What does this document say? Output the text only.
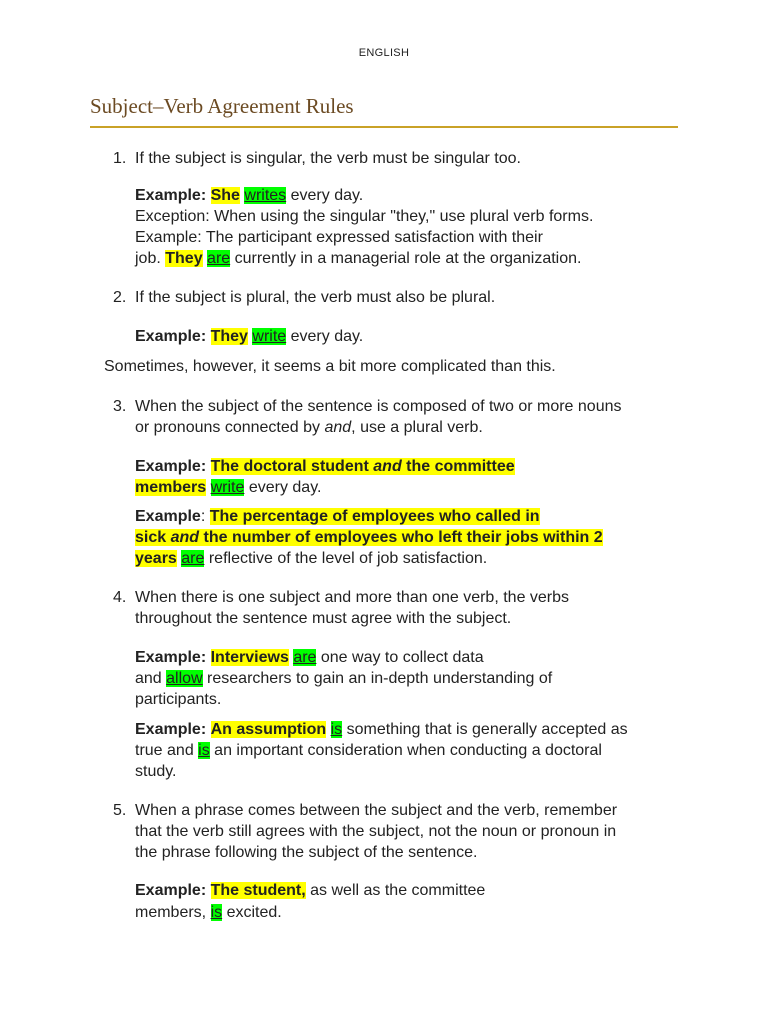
ENGLISH
Subject–Verb Agreement Rules
1. If the subject is singular, the verb must be singular too.
Example: She writes every day.
Exception: When using the singular "they," use plural verb forms.
Example: The participant expressed satisfaction with their
job. They are currently in a managerial role at the organization.
2. If the subject is plural, the verb must also be plural.
Example: They write every day.
Sometimes, however, it seems a bit more complicated than this.
3. When the subject of the sentence is composed of two or more nouns
or pronouns connected by and, use a plural verb.
Example: The doctoral student and the committee
members write every day.
Example: The percentage of employees who called in
sick and the number of employees who left their jobs within 2
years are reflective of the level of job satisfaction.
4. When there is one subject and more than one verb, the verbs
throughout the sentence must agree with the subject.
Example: Interviews are one way to collect data
and allow researchers to gain an in-depth understanding of
participants.
Example: An assumption is something that is generally accepted as
true and is an important consideration when conducting a doctoral
study.
5. When a phrase comes between the subject and the verb, remember
that the verb still agrees with the subject, not the noun or pronoun in
the phrase following the subject of the sentence.
Example: The student, as well as the committee
members, is excited.
